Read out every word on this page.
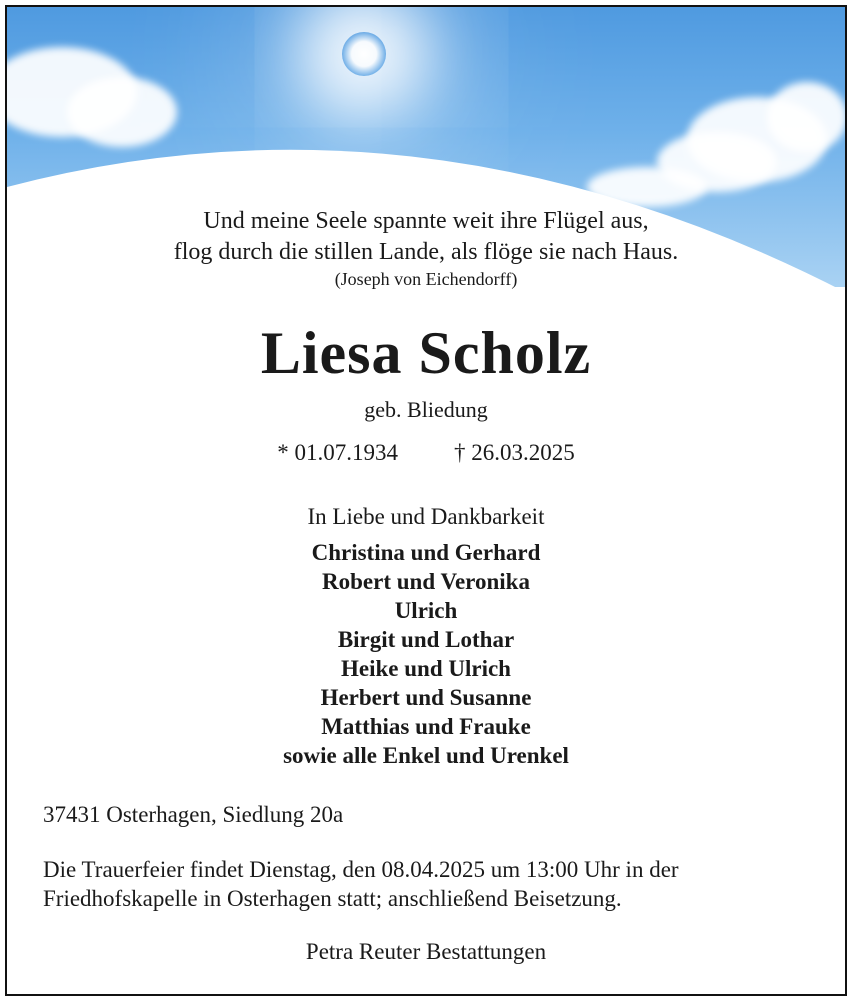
Und meine Seele spannte weit ihre Flügel aus,
flog durch die stillen Lande, als flöge sie nach Haus.
(Joseph von Eichendorff)
Liesa Scholz
geb. Bliedung
* 01.07.1934 † 26.03.2025
In Liebe und Dankbarkeit
Christina und Gerhard
Robert und Veronika
Ulrich
Birgit und Lothar
Heike und Ulrich
Herbert und Susanne
Matthias und Frauke
sowie alle Enkel und Urenkel
37431 Osterhagen, Siedlung 20a
Die Trauerfeier findet Dienstag, den 08.04.2025 um 13:00 Uhr in der
Friedhofskapelle in Osterhagen statt; anschließend Beisetzung.
Petra Reuter Bestattungen
